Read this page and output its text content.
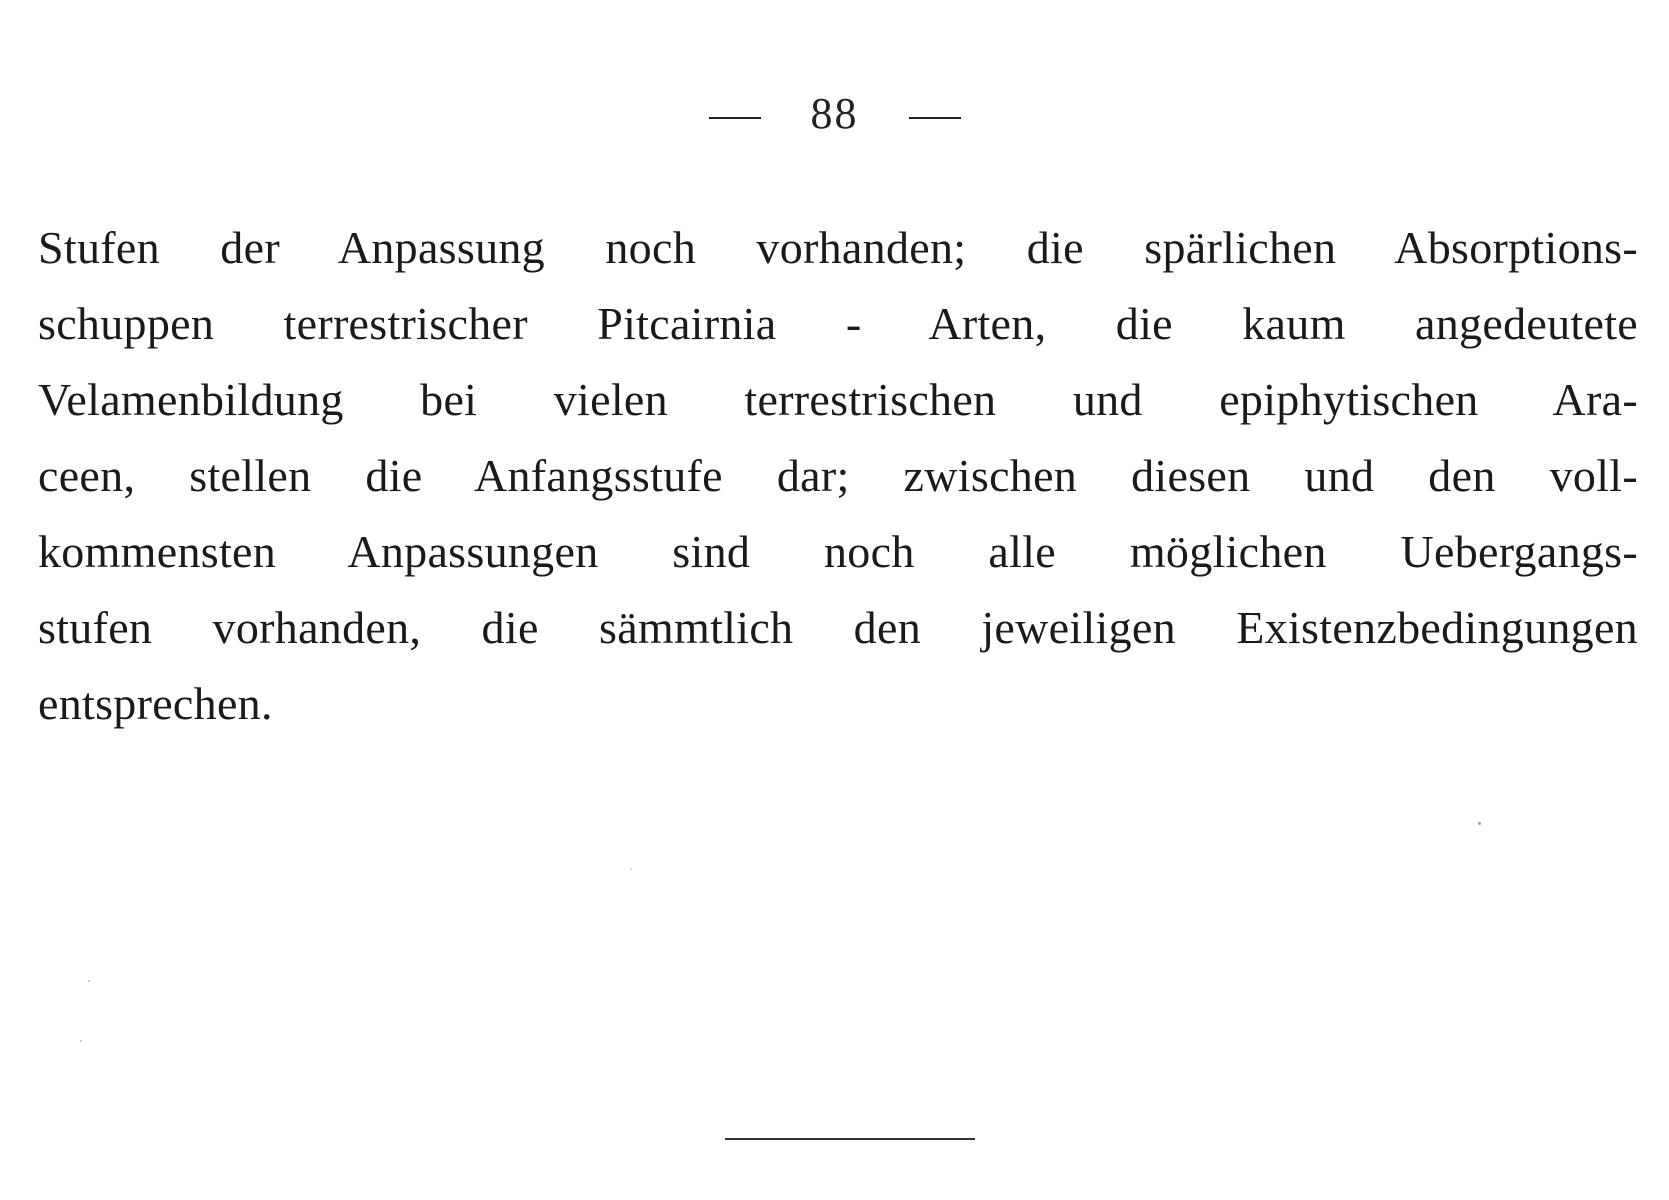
88
Stufen der Anpassung noch vorhanden; die spärlichen Absorptions-
schuppen terrestrischer Pitcairnia - Arten, die kaum angedeutete
Velamenbildung bei vielen terrestrischen und epiphytischen Ara-
ceen, stellen die Anfangsstufe dar; zwischen diesen und den voll-
kommensten Anpassungen sind noch alle möglichen Uebergangs-
stufen vorhanden, die sämmtlich den jeweiligen Existenzbedingungen
entsprechen.
